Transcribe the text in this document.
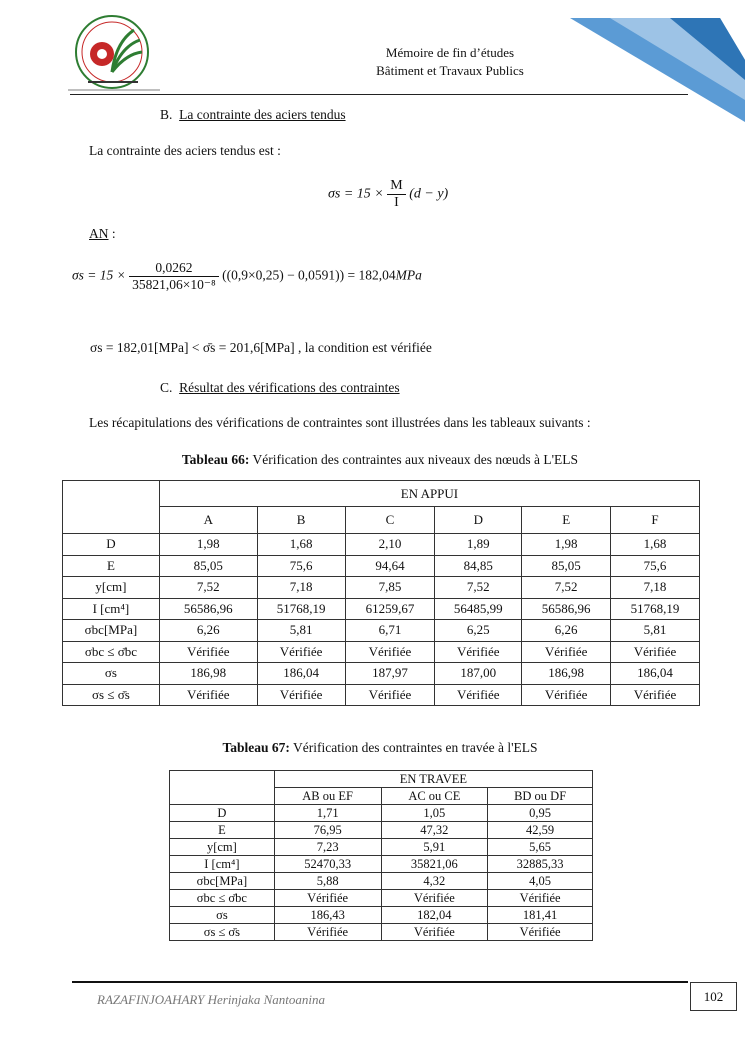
Mémoire de fin d’études
Bâtiment et Travaux Publics
B. La contrainte des aciers tendus
La contrainte des aciers tendus est :
$\sigma s = 15 \times \frac{M}{I} (d - y)$
AN :
$\sigma s = 15 \times \frac{0,0262}{\text{35821,06×10⁻⁸}} ((0,9\times 0,25) - 0,0591)) = 182,04MPa$
σs = 182,01[MPa] < σ̄s = 201,6[MPa] , la condition est vérifiée
C. Résultat des vérifications des contraintes
Les récapitulations des vérifications de contraintes sont illustrées dans les tableaux suivants :
Tableau 66: Vérification des contraintes aux niveaux des nœuds à L'ELS
	EN APPUI					
	A	B	C	D	E	F
D	1,98	1,68	2,10	1,89	1,98	1,68
E	85,05	75,6	94,64	84,85	85,05	75,6
y[cm]	7,52	7,18	7,85	7,52	7,52	7,18
I [cm⁴]	56586,96	51768,19	61259,67	56485,99	56586,96	51768,19
σbc[MPa]	6,26	5,81	6,71	6,25	6,26	5,81
σbc ≤ σ̄bc	Vérifiée	Vérifiée	Vérifiée	Vérifiée	Vérifiée	Vérifiée
σs	186,98	186,04	187,97	187,00	186,98	186,04
σs ≤ σ̄s	Vérifiée	Vérifiée	Vérifiée	Vérifiée	Vérifiée	Vérifiée
Tableau 67: Vérification des contraintes en travée à l'ELS
	EN TRAVEE		
	AB ou EF	AC ou CE	BD ou DF
D	1,71	1,05	0,95
E	76,95	47,32	42,59
y[cm]	7,23	5,91	5,65
I [cm⁴]	52470,33	35821,06	32885,33
σbc[MPa]	5,88	4,32	4,05
σbc ≤ σ̄bc	Vérifiée	Vérifiée	Vérifiée
σs	186,43	182,04	181,41
σs ≤ σ̄s	Vérifiée	Vérifiée	Vérifiée
RAZAFINJOAHARY Herinjaka Nantoanina	102
